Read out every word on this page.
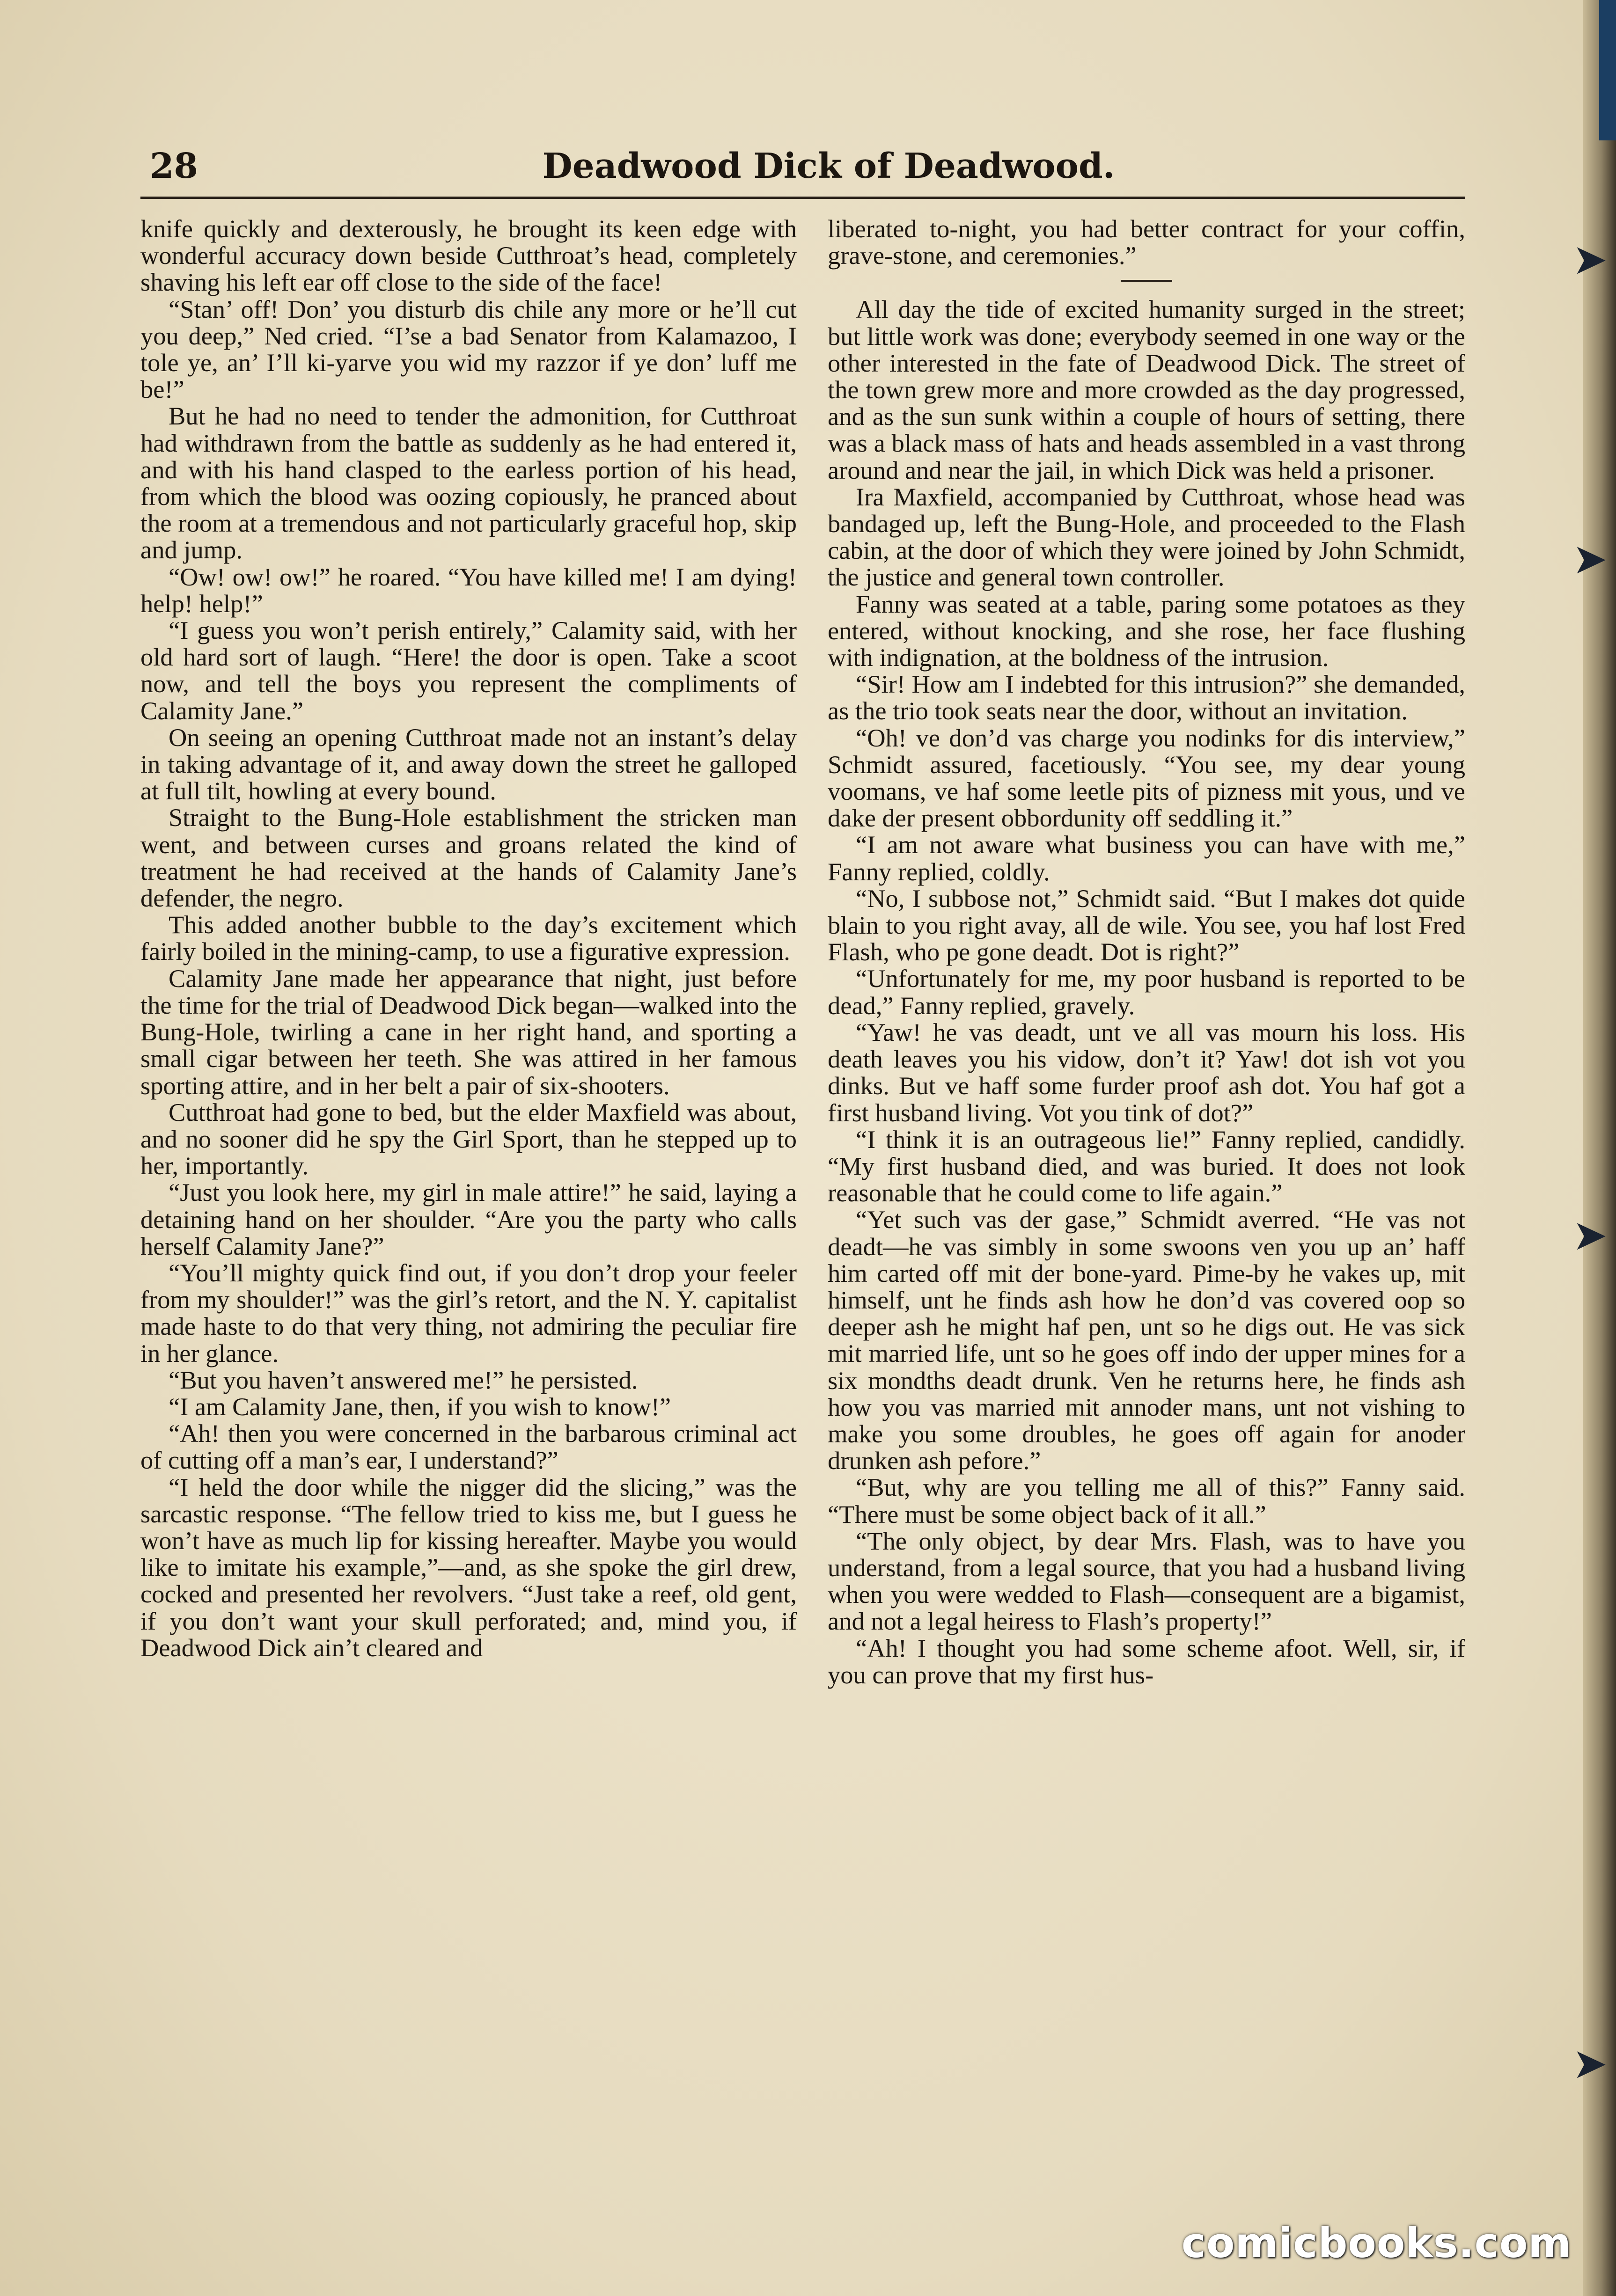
➤
➤
➤
➤
28	Deadwood Dick of Deadwood.

knife quickly and dexterously, he brought its keen edge with wonderful accuracy down beside Cutthroat’s head, completely shaving his left ear off close to the side of the face!

“Stan’ off! Don’ you disturb dis chile any more or he’ll cut you deep,” Ned cried. “I’se a bad Senator from Kalamazoo, I tole ye, an’ I’ll ki-yarve you wid my razzor if ye don’ luff me be!”

But he had no need to tender the admonition, for Cutthroat had withdrawn from the battle as suddenly as he had entered it, and with his hand clasped to the earless portion of his head, from which the blood was oozing copiously, he pranced about the room at a tremendous and not particularly graceful hop, skip and jump.

“Ow! ow! ow!” he roared. “You have killed me! I am dying! help! help!”

“I guess you won’t perish entirely,” Calamity said, with her old hard sort of laugh. “Here! the door is open. Take a scoot now, and tell the boys you represent the compliments of Calamity Jane.”

On seeing an opening Cutthroat made not an instant’s delay in taking advantage of it, and away down the street he galloped at full tilt, howling at every bound.

Straight to the Bung-Hole establishment the stricken man went, and between curses and groans related the kind of treatment he had received at the hands of Calamity Jane’s defender, the negro.

This added another bubble to the day’s excitement which fairly boiled in the mining-camp, to use a figurative expression.

Calamity Jane made her appearance that night, just before the time for the trial of Deadwood Dick began—walked into the Bung-Hole, twirling a cane in her right hand, and sporting a small cigar between her teeth. She was attired in her famous sporting attire, and in her belt a pair of six-shooters.

Cutthroat had gone to bed, but the elder Maxfield was about, and no sooner did he spy the Girl Sport, than he stepped up to her, importantly.

“Just you look here, my girl in male attire!” he said, laying a detaining hand on her shoulder. “Are you the party who calls herself Calamity Jane?”

“You’ll mighty quick find out, if you don’t drop your feeler from my shoulder!” was the girl’s retort, and the N. Y. capitalist made haste to do that very thing, not admiring the peculiar fire in her glance.

“But you haven’t answered me!” he persisted.

“I am Calamity Jane, then, if you wish to know!”

“Ah! then you were concerned in the barbarous criminal act of cutting off a man’s ear, I understand?”

“I held the door while the nigger did the slicing,” was the sarcastic response. “The fellow tried to kiss me, but I guess he won’t have as much lip for kissing hereafter. Maybe you would like to imitate his example,”—and, as she spoke the girl drew, cocked and presented her revolvers. “Just take a reef, old gent, if you don’t want your skull perforated; and, mind you, if Deadwood Dick ain’t cleared and

liberated to-night, you had better contract for your coffin, grave-stone, and ceremonies.”

All day the tide of excited humanity surged in the street; but little work was done; everybody seemed in one way or the other interested in the fate of Deadwood Dick. The street of the town grew more and more crowded as the day progressed, and as the sun sunk within a couple of hours of setting, there was a black mass of hats and heads assembled in a vast throng around and near the jail, in which Dick was held a prisoner.

Ira Maxfield, accompanied by Cutthroat, whose head was bandaged up, left the Bung-Hole, and proceeded to the Flash cabin, at the door of which they were joined by John Schmidt, the justice and general town controller.

Fanny was seated at a table, paring some potatoes as they entered, without knocking, and she rose, her face flushing with indignation, at the boldness of the intrusion.

“Sir! How am I indebted for this intrusion?” she demanded, as the trio took seats near the door, without an invitation.

“Oh! ve don’d vas charge you nodinks for dis interview,” Schmidt assured, facetiously. “You see, my dear young voomans, ve haf some leetle pits of pizness mit yous, und ve dake der present obbordunity off seddling it.”

“I am not aware what business you can have with me,” Fanny replied, coldly.

“No, I subbose not,” Schmidt said. “But I makes dot quide blain to you right avay, all de wile. You see, you haf lost Fred Flash, who pe gone deadt. Dot is right?”

“Unfortunately for me, my poor husband is reported to be dead,” Fanny replied, gravely.

“Yaw! he vas deadt, unt ve all vas mourn his loss. His death leaves you his vidow, don’t it? Yaw! dot ish vot you dinks. But ve haff some furder proof ash dot. You haf got a first husband living. Vot you tink of dot?”

“I think it is an outrageous lie!” Fanny replied, candidly. “My first husband died, and was buried. It does not look reasonable that he could come to life again.”

“Yet such vas der gase,” Schmidt averred. “He vas not deadt—he vas simbly in some swoons ven you up an’ haff him carted off mit der bone-yard. Pime-by he vakes up, mit himself, unt he finds ash how he don’d vas covered oop so deeper ash he might haf pen, unt so he digs out. He vas sick mit married life, unt so he goes off indo der upper mines for a six mondths deadt drunk. Ven he returns here, he finds ash how you vas married mit annoder mans, unt not vishing to make you some droubles, he goes off again for anoder drunken ash pefore.”

“But, why are you telling me all of this?” Fanny said. “There must be some object back of it all.”

“The only object, by dear Mrs. Flash, was to have you understand, from a legal source, that you had a husband living when you were wedded to Flash—consequent are a bigamist, and not a legal heiress to Flash’s property!”

“Ah! I thought you had some scheme afoot. Well, sir, if you can prove that my first hus-

comicbooks.com
